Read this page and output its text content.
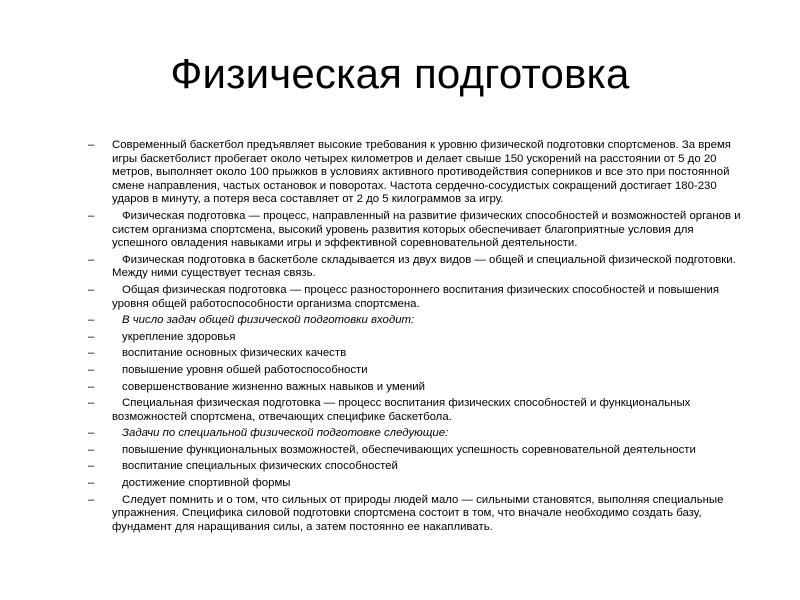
Физическая подготовка

– Современный баскетбол предъявляет высокие требования к уровню физической подготовки спортсменов. За время игры баскетболист пробегает около четырех километров и делает свыше 150 ускорений на расстоянии от 5 до 20 метров, выполняет около 100 прыжков в условиях активного противодействия соперников и все это при постоянной смене направления, частых остановок и поворотах. Частота сердечно-сосудистых сокращений достигает 180-230 ударов в минуту, а потеря веса составляет от 2 до 5 килограммов за игру.

– Физическая подготовка — процесс, направленный на развитие физических способностей и возможностей органов и систем организма спортсмена, высокий уровень развития которых обеспечивает благоприятные условия для успешного овладения навыками игры и эффективной соревновательной деятельности.

– Физическая подготовка в баскетболе складывается из двух видов — общей и специальной физической подготовки. Между ними существует тесная связь.

– Общая физическая подготовка — процесс разностороннего воспитания физических способностей и повышения уровня общей работоспособности организма спортсмена.

– В число задач общей физической подготовки входит:

– укрепление здоровья

– воспитание основных физических качеств

– повышение уровня обшей работоспособности

– совершенствование жизненно важных навыков и умений

– Специальная физическая подготовка — процесс воспитания физических способностей и функциональных возможностей спортсмена, отвечающих специфике баскетбола.

– Задачи по специальной физической подготовке следующие:

– повышение функциональных возможностей, обеспечивающих успешность соревновательной деятельности

– воспитание специальных физических способностей

– достижение спортивной формы

– Следует помнить и о том, что сильных от природы людей мало — сильными становятся, выполняя специальные упражнения. Специфика силовой подготовки спортсмена состоит в том, что вначале необходимо создать базу, фундамент для наращивания силы, а затем постоянно ее накапливать.
